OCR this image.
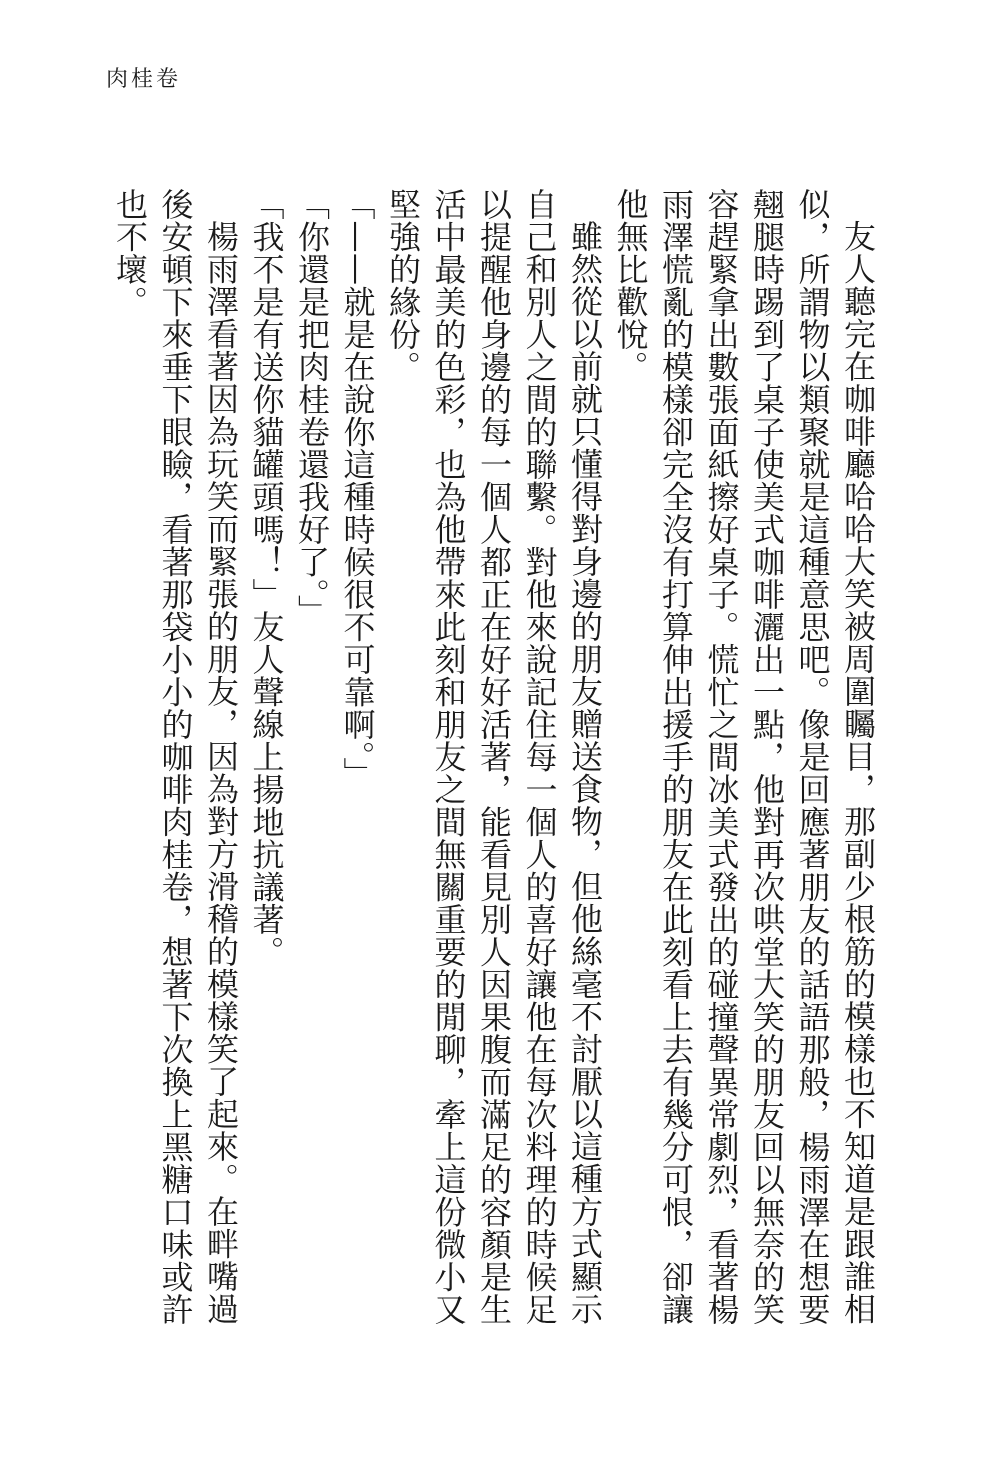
肉桂卷

友人聽完在咖啡廳哈哈大笑被周圍矚目，那副少根筋的模樣也不知道是跟誰相似，所謂物以類聚就是這種意思吧。像是回應著朋友的話語那般，楊雨澤在想要翹腿時踢到了桌子使美式咖啡灑出一點，他對再次哄堂大笑的朋友回以無奈的笑容趕緊拿出數張面紙擦好桌子。慌忙之間冰美式發出的碰撞聲異常劇烈，看著楊雨澤慌亂的模樣卻完全沒有打算伸出援手的朋友在此刻看上去有幾分可恨，卻讓他無比歡悅。

雖然從以前就只懂得對身邊的朋友贈送食物，但他絲毫不討厭以這種方式顯示自己和別人之間的聯繫。對他來說記住每一個人的喜好讓他在每次料理的時候足以提醒他身邊的每一個人都正在好好活著，能看見別人因果腹而滿足的容顏是生活中最美的色彩，也為他帶來此刻和朋友之間無關重要的閒聊，牽上這份微小又堅強的緣份。

「——就是在說你這種時候很不可靠啊。」

「你還是把肉桂卷還我好了。」

「我不是有送你貓罐頭嗎！」友人聲線上揚地抗議著。

楊雨澤看著因為玩笑而緊張的朋友，因為對方滑稽的模樣笑了起來。在畔嘴過後安頓下來垂下眼瞼，看著那袋小小的咖啡肉桂卷，想著下次換上黑糖口味或許也不壞。
